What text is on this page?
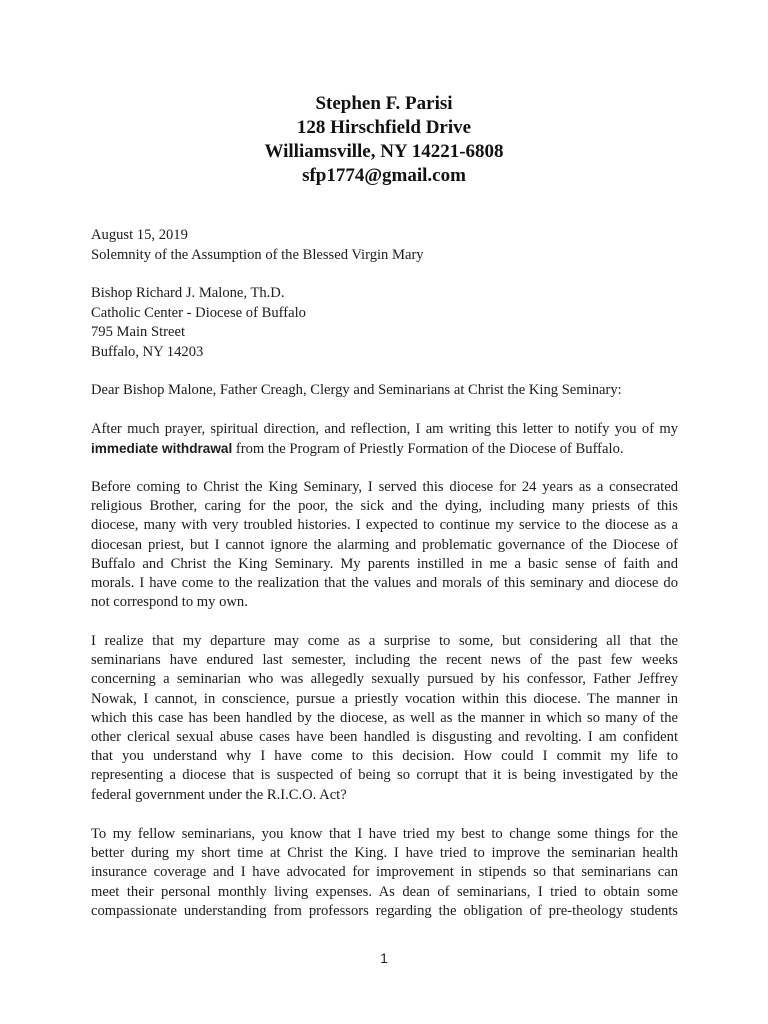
Stephen F. Parisi
128 Hirschfield Drive
Williamsville, NY 14221-6808
sfp1774@gmail.com
August 15, 2019
Solemnity of the Assumption of the Blessed Virgin Mary
Bishop Richard J. Malone, Th.D.
Catholic Center - Diocese of Buffalo
795 Main Street
Buffalo, NY 14203
Dear Bishop Malone, Father Creagh, Clergy and Seminarians at Christ the King Seminary:
After much prayer, spiritual direction, and reflection, I am writing this letter to notify you of my
immediate withdrawal from the Program of Priestly Formation of the Diocese of Buffalo.
Before coming to Christ the King Seminary, I served this diocese for 24 years as a consecrated
religious Brother, caring for the poor, the sick and the dying, including many priests of this
diocese, many with very troubled histories. I expected to continue my service to the diocese as a
diocesan priest, but I cannot ignore the alarming and problematic governance of the Diocese of
Buffalo and Christ the King Seminary. My parents instilled in me a basic sense of faith and
morals. I have come to the realization that the values and morals of this seminary and diocese do
not correspond to my own.
I realize that my departure may come as a surprise to some, but considering all that the
seminarians have endured last semester, including the recent news of the past few weeks
concerning a seminarian who was allegedly sexually pursued by his confessor, Father Jeffrey
Nowak, I cannot, in conscience, pursue a priestly vocation within this diocese. The manner in
which this case has been handled by the diocese, as well as the manner in which so many of the
other clerical sexual abuse cases have been handled is disgusting and revolting. I am confident
that you understand why I have come to this decision. How could I commit my life to
representing a diocese that is suspected of being so corrupt that it is being investigated by the
federal government under the R.I.C.O. Act?
To my fellow seminarians, you know that I have tried my best to change some things for the
better during my short time at Christ the King. I have tried to improve the seminarian health
insurance coverage and I have advocated for improvement in stipends so that seminarians can
meet their personal monthly living expenses. As dean of seminarians, I tried to obtain some
compassionate understanding from professors regarding the obligation of pre-theology students
1
